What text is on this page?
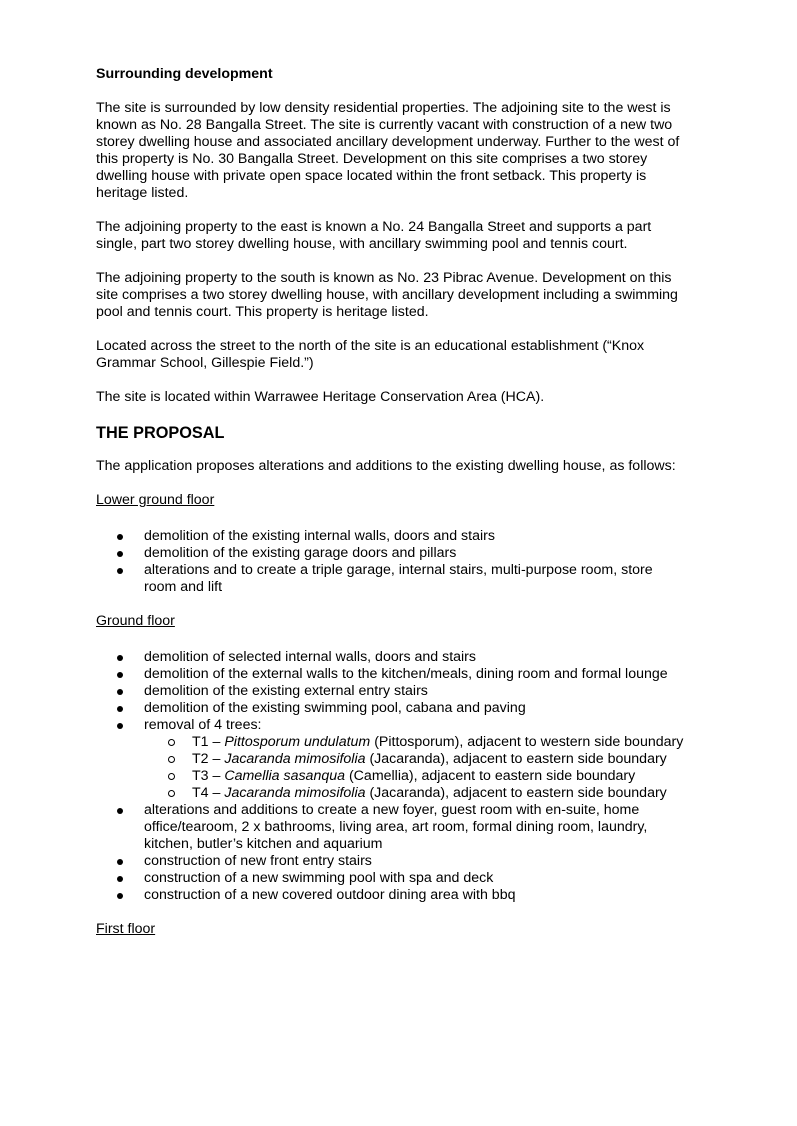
Surrounding development

The site is surrounded by low density residential properties. The adjoining site to the west is known as No. 28 Bangalla Street. The site is currently vacant with construction of a new two storey dwelling house and associated ancillary development underway. Further to the west of this property is No. 30 Bangalla Street. Development on this site comprises a two storey dwelling house with private open space located within the front setback. This property is heritage listed.

The adjoining property to the east is known a No. 24 Bangalla Street and supports a part single, part two storey dwelling house, with ancillary swimming pool and tennis court.

The adjoining property to the south is known as No. 23 Pibrac Avenue. Development on this site comprises a two storey dwelling house, with ancillary development including a swimming pool and tennis court. This property is heritage listed.

Located across the street to the north of the site is an educational establishment (“Knox Grammar School, Gillespie Field.”)

The site is located within Warrawee Heritage Conservation Area (HCA).

THE PROPOSAL

The application proposes alterations and additions to the existing dwelling house, as follows:

Lower ground floor
demolition of the existing internal walls, doors and stairs
demolition of the existing garage doors and pillars
alterations and to create a triple garage, internal stairs, multi-purpose room, store room and lift
Ground floor
demolition of selected internal walls, doors and stairs
demolition of the external walls to the kitchen/meals, dining room and formal lounge
demolition of the existing external entry stairs
demolition of the existing swimming pool, cabana and paving
removal of 4 trees:
T1 – Pittosporum undulatum (Pittosporum), adjacent to western side boundary
T2 – Jacaranda mimosifolia (Jacaranda), adjacent to eastern side boundary
T3 – Camellia sasanqua (Camellia), adjacent to eastern side boundary
T4 – Jacaranda mimosifolia (Jacaranda), adjacent to eastern side boundary
alterations and additions to create a new foyer, guest room with en-suite, home office/tearoom, 2 x bathrooms, living area, art room, formal dining room, laundry, kitchen, butler’s kitchen and aquarium
construction of new front entry stairs
construction of a new swimming pool with spa and deck
construction of a new covered outdoor dining area with bbq
First floor
